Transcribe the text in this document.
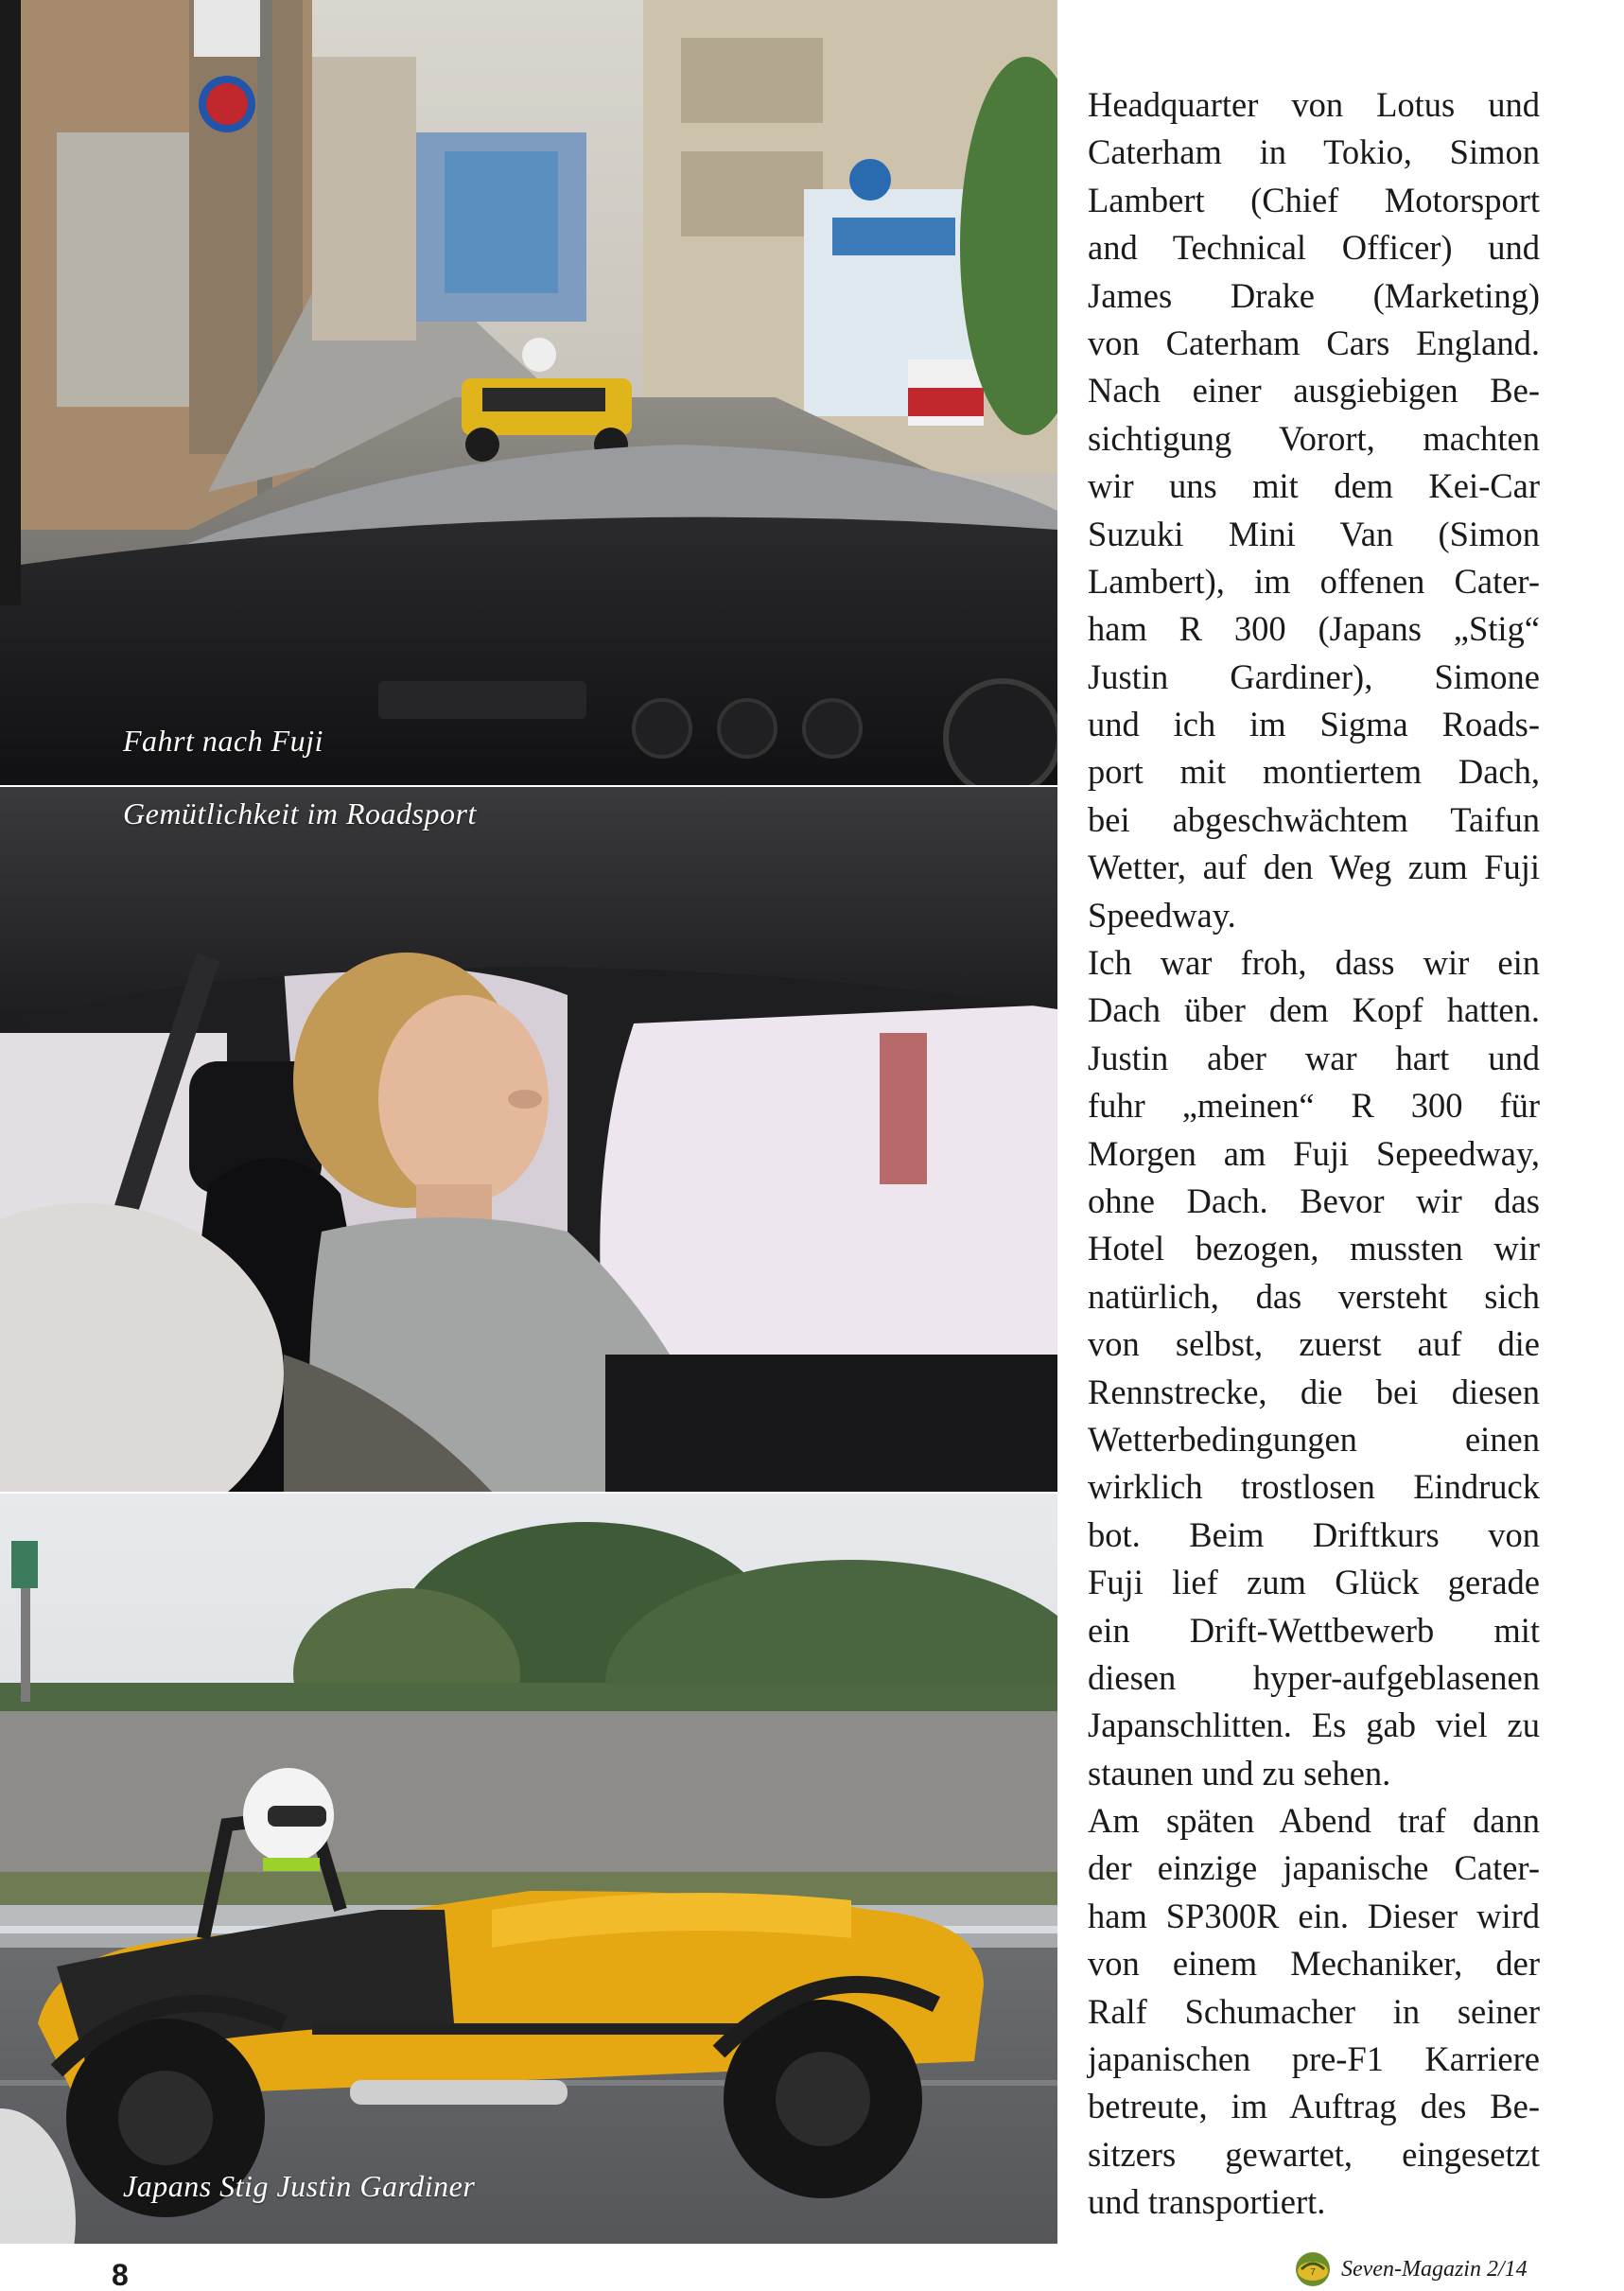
Fahrt nach Fuji
Gemütlichkeit im Roadsport
Japans Stig Justin Gardiner
Headquarter von Lotus und
Caterham in Tokio, Simon
Lambert (Chief Motorsport
and Technical Officer) und
James Drake (Marketing)
von Caterham Cars England.
Nach einer ausgiebigen Be-
sichtigung Vorort, machten
wir uns mit dem Kei-Car
Suzuki Mini Van (Simon
Lambert), im offenen Cater-
ham R 300 (Japans „Stig“
Justin Gardiner), Simone
und ich im Sigma Roads-
port mit montiertem Dach,
bei abgeschwächtem Taifun
Wetter, auf den Weg zum Fuji
Speedway.
Ich war froh, dass wir ein
Dach über dem Kopf hatten.
Justin aber war hart und
fuhr „meinen“ R 300 für
Morgen am Fuji Sepeedway,
ohne Dach. Bevor wir das
Hotel bezogen, mussten wir
natürlich, das versteht sich
von selbst, zuerst auf die
Rennstrecke, die bei diesen
Wetterbedingungen einen
wirklich trostlosen Eindruck
bot. Beim Driftkurs von
Fuji lief zum Glück gerade
ein Drift-Wettbewerb mit
diesen hyper-aufgeblasenen
Japanschlitten. Es gab viel zu
staunen und zu sehen.
Am späten Abend traf dann
der einzige japanische Cater-
ham SP300R ein. Dieser wird
von einem Mechaniker, der
Ralf Schumacher in seiner
japanischen pre-F1 Karriere
betreute, im Auftrag des Be-
sitzers gewartet, eingesetzt
und transportiert.
8	7 Seven-Magazin 2/14
